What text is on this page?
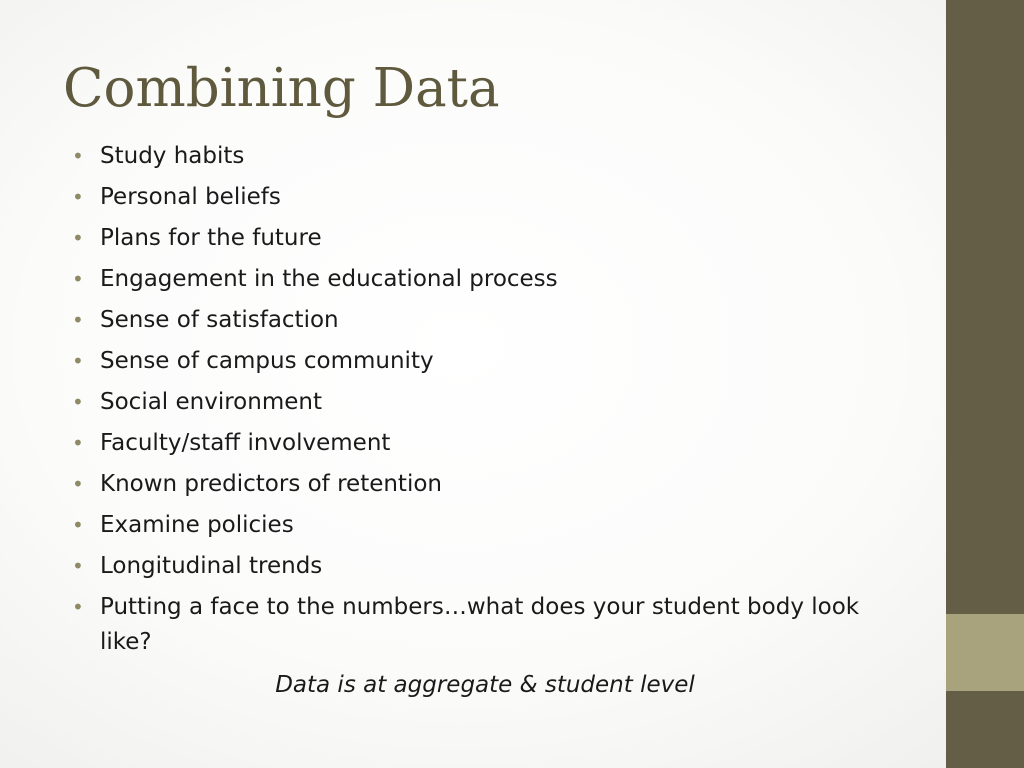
Combining Data
• Study habits
• Personal beliefs
• Plans for the future
• Engagement in the educational process
• Sense of satisfaction
• Sense of campus community
• Social environment
• Faculty/staff involvement
• Known predictors of retention
• Examine policies
• Longitudinal trends
• Putting a face to the numbers…what does your student body look like?

Data is at aggregate & student level
